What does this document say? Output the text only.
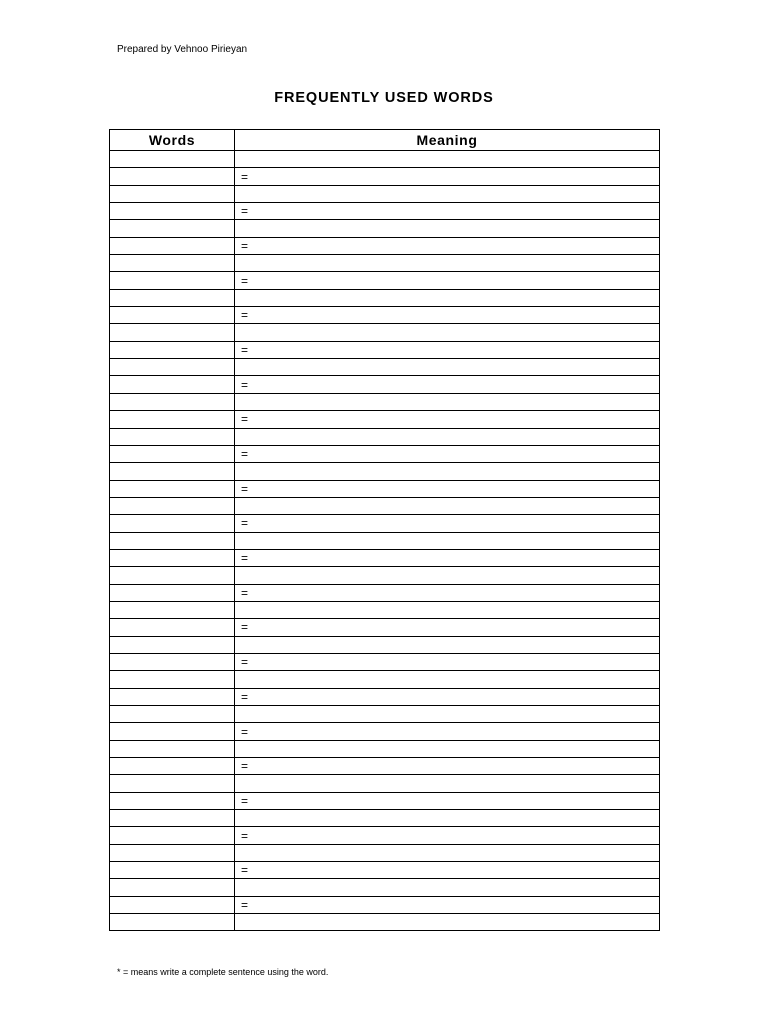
Prepared by Vehnoo Pirieyan
FREQUENTLY USED WORDS
Words	Meaning

	=

	=

	=

	=

	=

	=

	=

	=

	=

	=

	=

	=

	=

	=

	=

	=

	=

	=

	=

	=

	=

	=

* = means write a complete sentence using the word.
